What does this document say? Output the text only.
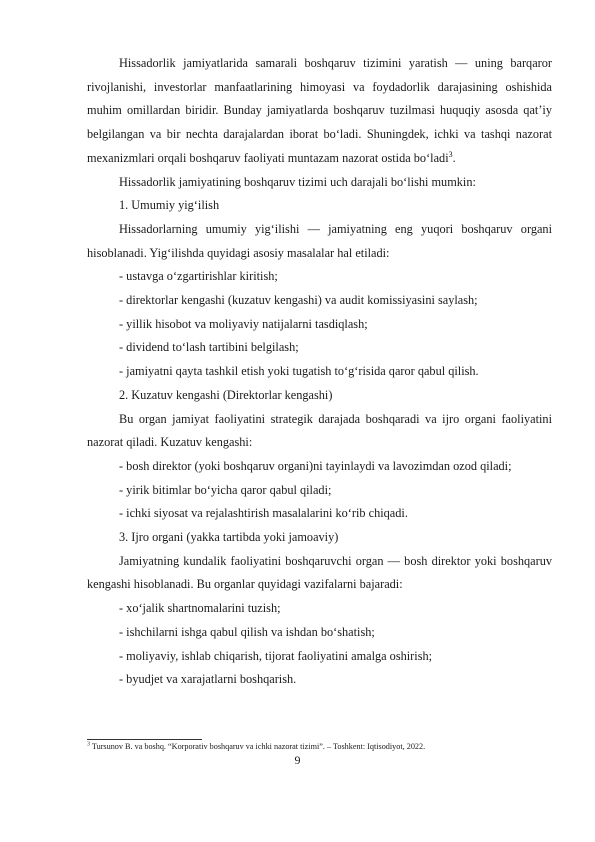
Hissadorlik jamiyatlarida samarali boshqaruv tizimini yaratish — uning barqaror rivojlanishi, investorlar manfaatlarining himoyasi va foydadorlik darajasining oshishida muhim omillardan biridir. Bunday jamiyatlarda boshqaruv tuzilmasi huquqiy asosda qat’iy belgilangan va bir nechta darajalardan iborat bo‘ladi. Shuningdek, ichki va tashqi nazorat mexanizmlari orqali boshqaruv faoliyati muntazam nazorat ostida bo‘ladi$^3$.

Hissadorlik jamiyatining boshqaruv tizimi uch darajali bo‘lishi mumkin:

1. Umumiy yig‘ilish

Hissadorlarning umumiy yig‘ilishi — jamiyatning eng yuqori boshqaruv organi hisoblanadi. Yig‘ilishda quyidagi asosiy masalalar hal etiladi:

- ustavga o‘zgartirishlar kiritish;

- direktorlar kengashi (kuzatuv kengashi) va audit komissiyasini saylash;

- yillik hisobot va moliyaviy natijalarni tasdiqlash;

- dividend to‘lash tartibini belgilash;

- jamiyatni qayta tashkil etish yoki tugatish to‘g‘risida qaror qabul qilish.

2. Kuzatuv kengashi (Direktorlar kengashi)

Bu organ jamiyat faoliyatini strategik darajada boshqaradi va ijro organi faoliyatini nazorat qiladi. Kuzatuv kengashi:

- bosh direktor (yoki boshqaruv organi)ni tayinlaydi va lavozimdan ozod qiladi;

- yirik bitimlar bo‘yicha qaror qabul qiladi;

- ichki siyosat va rejalashtirish masalalarini ko‘rib chiqadi.

3. Ijro organi (yakka tartibda yoki jamoaviy)

Jamiyatning kundalik faoliyatini boshqaruvchi organ — bosh direktor yoki boshqaruv kengashi hisoblanadi. Bu organlar quyidagi vazifalarni bajaradi:

- xo‘jalik shartnomalarini tuzish;

- ishchilarni ishga qabul qilish va ishdan bo‘shatish;

- moliyaviy, ishlab chiqarish, tijorat faoliyatini amalga oshirish;

- byudjet va xarajatlarni boshqarish.

$^3$ Tursunov B. va boshq. “Korporativ boshqaruv va ichki nazorat tizimi”. – Toshkent: Iqtisodiyot, 2022.
9
